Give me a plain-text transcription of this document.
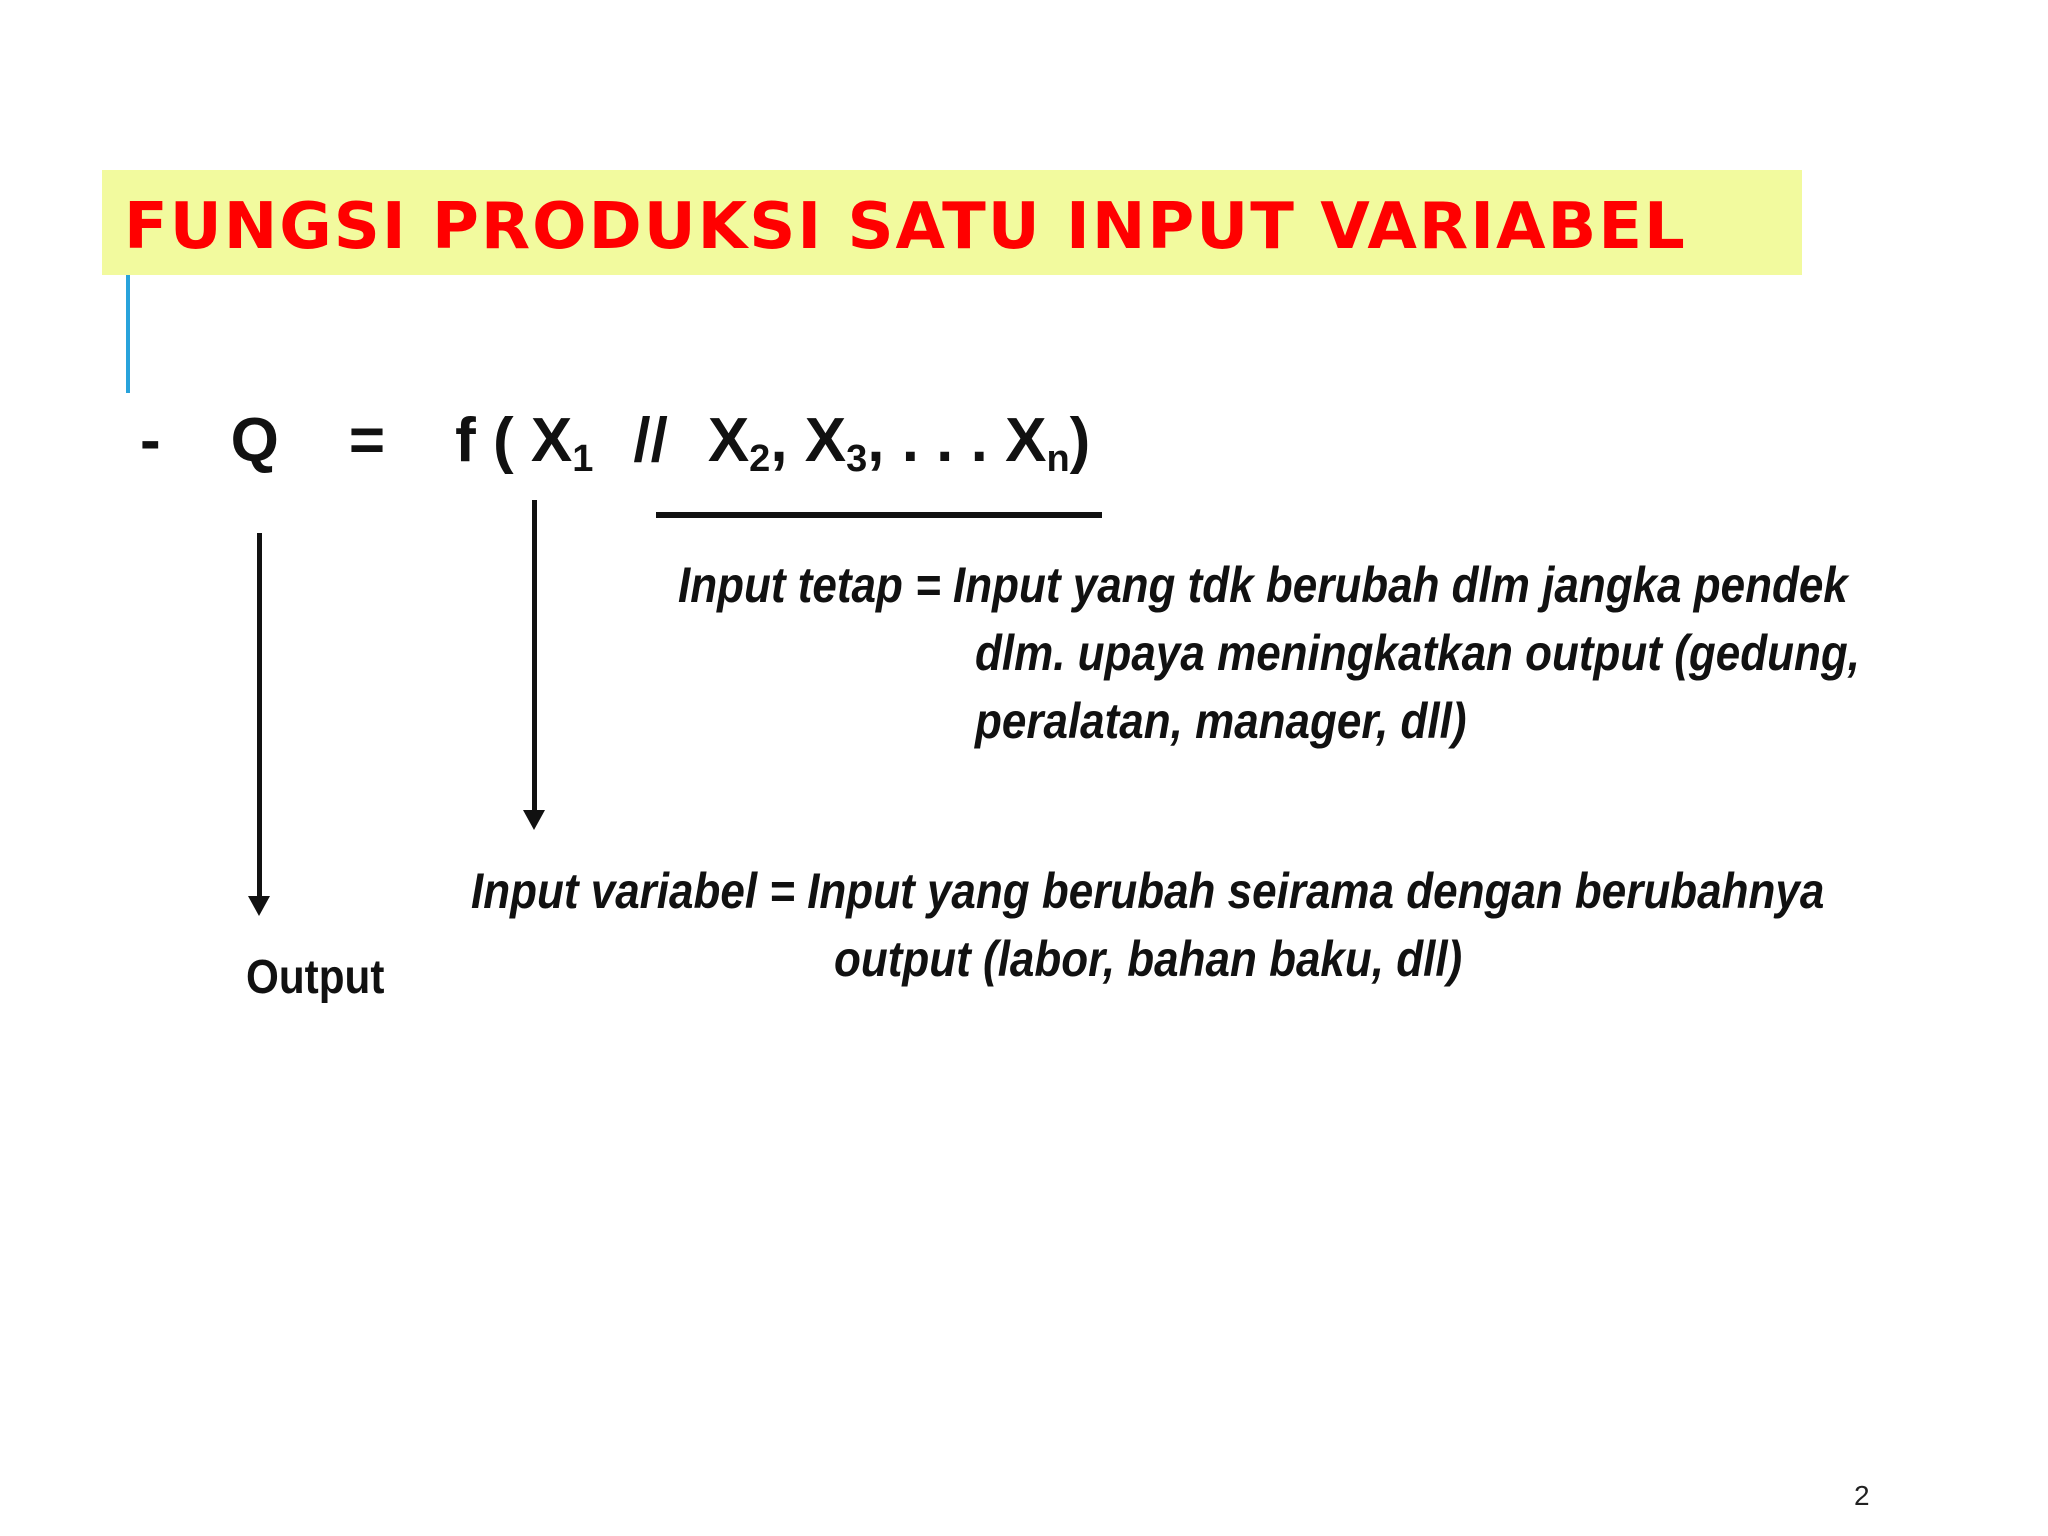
FUNGSI PRODUKSI SATU INPUT VARIABEL
- Q = f ( $X_1 // X_2$, $X_3$, . . . $X_n$)
Input tetap = Input yang tdk berubah dlm jangka pendek
dlm. upaya meningkatkan output (gedung,
peralatan, manager, dll)
Input variabel = Input yang berubah seirama dengan berubahnya
output (labor, bahan baku, dll)
Output
2
